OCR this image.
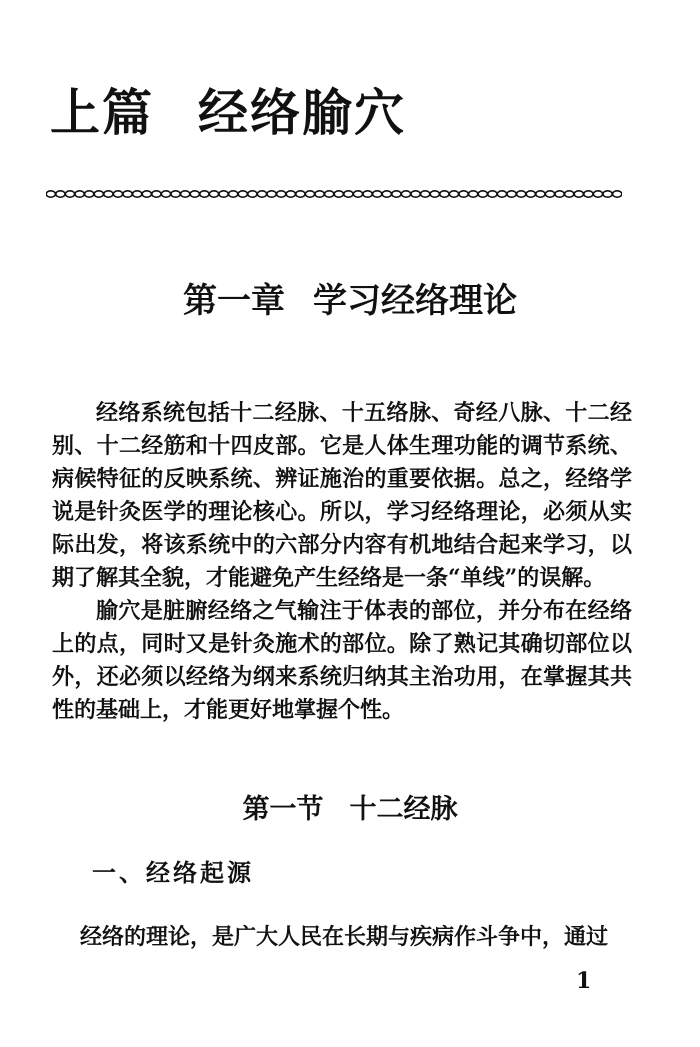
上篇 经络腧穴
第一章 学习经络理论

经络系统包括十二经脉、十五络脉、奇经八脉、十二经别、十二经筋和十四皮部。它是人体生理功能的调节系统、病候特征的反映系统、辨证施治的重要依据。总之，经络学说是针灸医学的理论核心。所以，学习经络理论，必须从实际出发，将该系统中的六部分内容有机地结合起来学习，以期了解其全貌，才能避免产生经络是一条“单线”的误解。

腧穴是脏腑经络之气输注于体表的部位，并分布在经络上的点，同时又是针灸施术的部位。除了熟记其确切部位以外，还必须以经络为纲来系统归纳其主治功用，在掌握其共性的基础上，才能更好地掌握个性。

第一节 十二经脉
一、经络起源

经络的理论，是广大人民在长期与疾病作斗争中，通过

1
